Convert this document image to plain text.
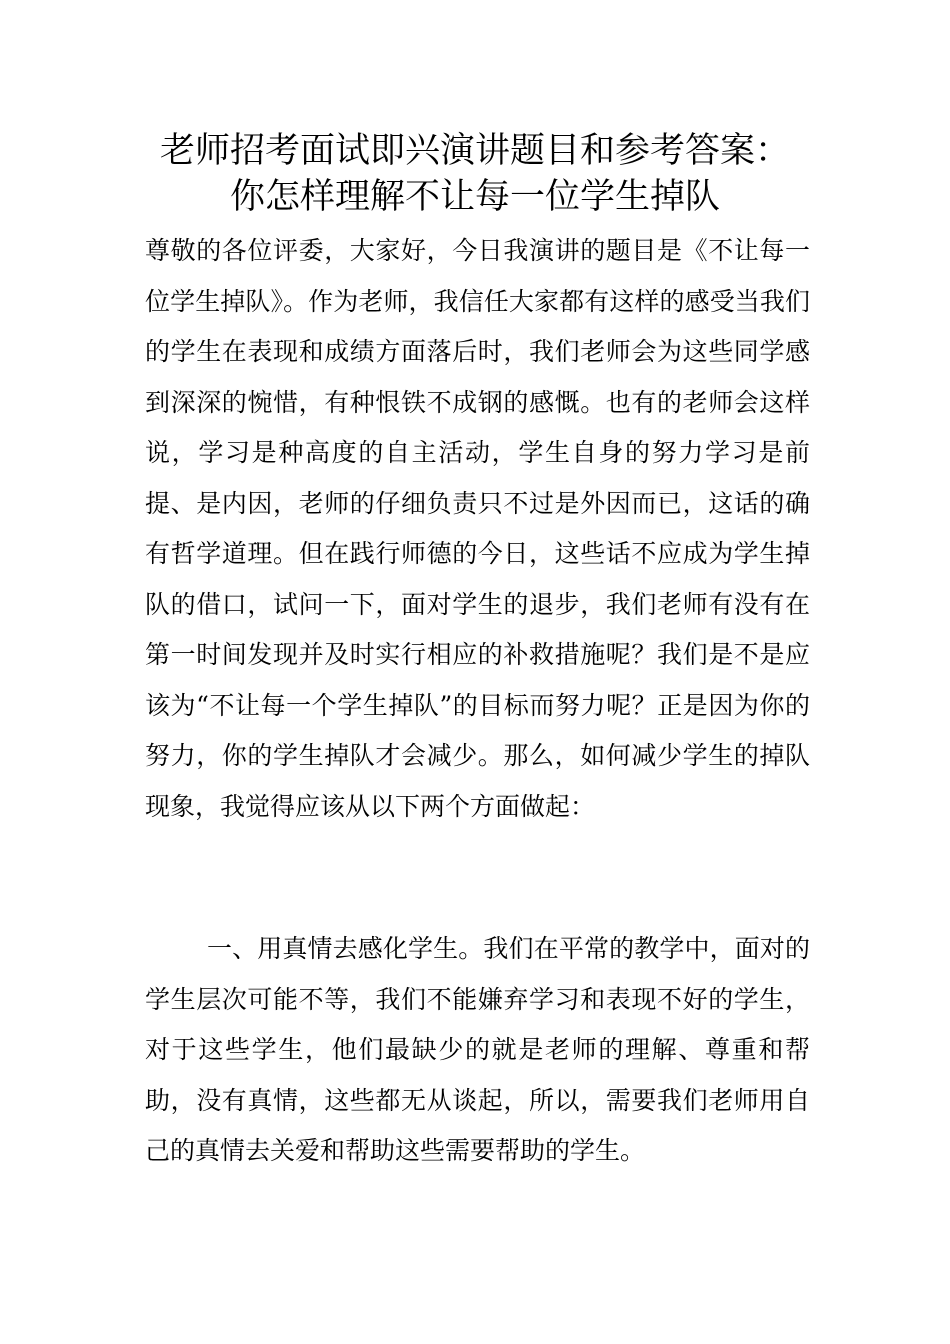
老师招考面试即兴演讲题目和参考答案：
你怎样理解不让每一位学生掉队

尊敬的各位评委，大家好，今日我演讲的题目是《不让每一位学生掉队》。作为老师，我信任大家都有这样的感受当我们的学生在表现和成绩方面落后时，我们老师会为这些同学感到深深的惋惜，有种恨铁不成钢的感慨。也有的老师会这样说，学习是种高度的自主活动，学生自身的努力学习是前提、是内因，老师的仔细负责只不过是外因而已，这话的确有哲学道理。但在践行师德的今日，这些话不应成为学生掉队的借口，试问一下，面对学生的退步，我们老师有没有在第一时间发现并及时实行相应的补救措施呢？我们是不是应该为“不让每一个学生掉队”的目标而努力呢？正是因为你的努力，你的学生掉队才会减少。那么，如何减少学生的掉队现象，我觉得应该从以下两个方面做起：

一、用真情去感化学生。我们在平常的教学中，面对的学生层次可能不等，我们不能嫌弃学习和表现不好的学生，对于这些学生，他们最缺少的就是老师的理解、尊重和帮助，没有真情，这些都无从谈起，所以，需要我们老师用自己的真情去关爱和帮助这些需要帮助的学生。
